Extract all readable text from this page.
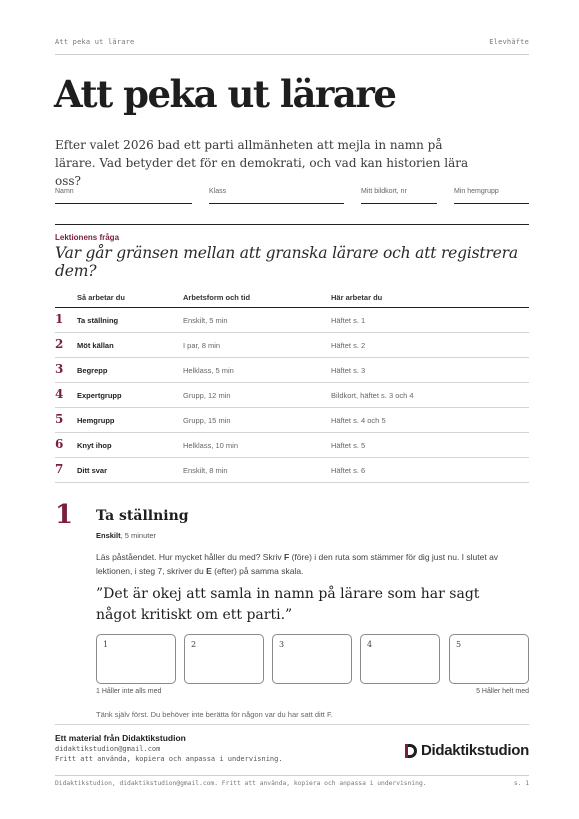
Att peka ut lärare	Elevhäfte
Att peka ut lärare
Efter valet 2026 bad ett parti allmänheten att mejla in namn på lärare. Vad betyder det för en demokrati, och vad kan historien lära oss?
Namn	Klass	Mitt bildkort, nr	Min hemgrupp
Lektionens fråga
Var går gränsen mellan att granska lärare och att registrera dem?
Så arbetar du	Arbetsform och tid	Här arbetar du
1 Ta ställning	Enskilt, 5 min	Häftet s. 1
2 Möt källan	I par, 8 min	Häftet s. 2
3 Begrepp	Helklass, 5 min	Häftet s. 3
4 Expertgrupp	Grupp, 12 min	Bildkort, häftet s. 3 och 4
5 Hemgrupp	Grupp, 15 min	Häftet s. 4 och 5
6 Knyt ihop	Helklass, 10 min	Häftet s. 5
7 Ditt svar	Enskilt, 8 min	Häftet s. 6
1 Ta ställning
Enskilt, 5 minuter
Läs påståendet. Hur mycket håller du med? Skriv F (före) i den ruta som stämmer för dig just nu. I slutet av lektionen, i steg 7, skriver du E (efter) på samma skala.
”Det är okej att samla in namn på lärare som har sagt något kritiskt om ett parti.”
1	2	3	4	5
1 Håller inte alls med	5 Håller helt med
Tänk själv först. Du behöver inte berätta för någon var du har satt ditt F.
Ett material från Didaktikstudion
didaktikstudion@gmail.com
Fritt att använda, kopiera och anpassa i undervisning.	Didaktikstudion
Didaktikstudion, didaktikstudion@gmail.com. Fritt att använda, kopiera och anpassa i undervisning.	s. 1
